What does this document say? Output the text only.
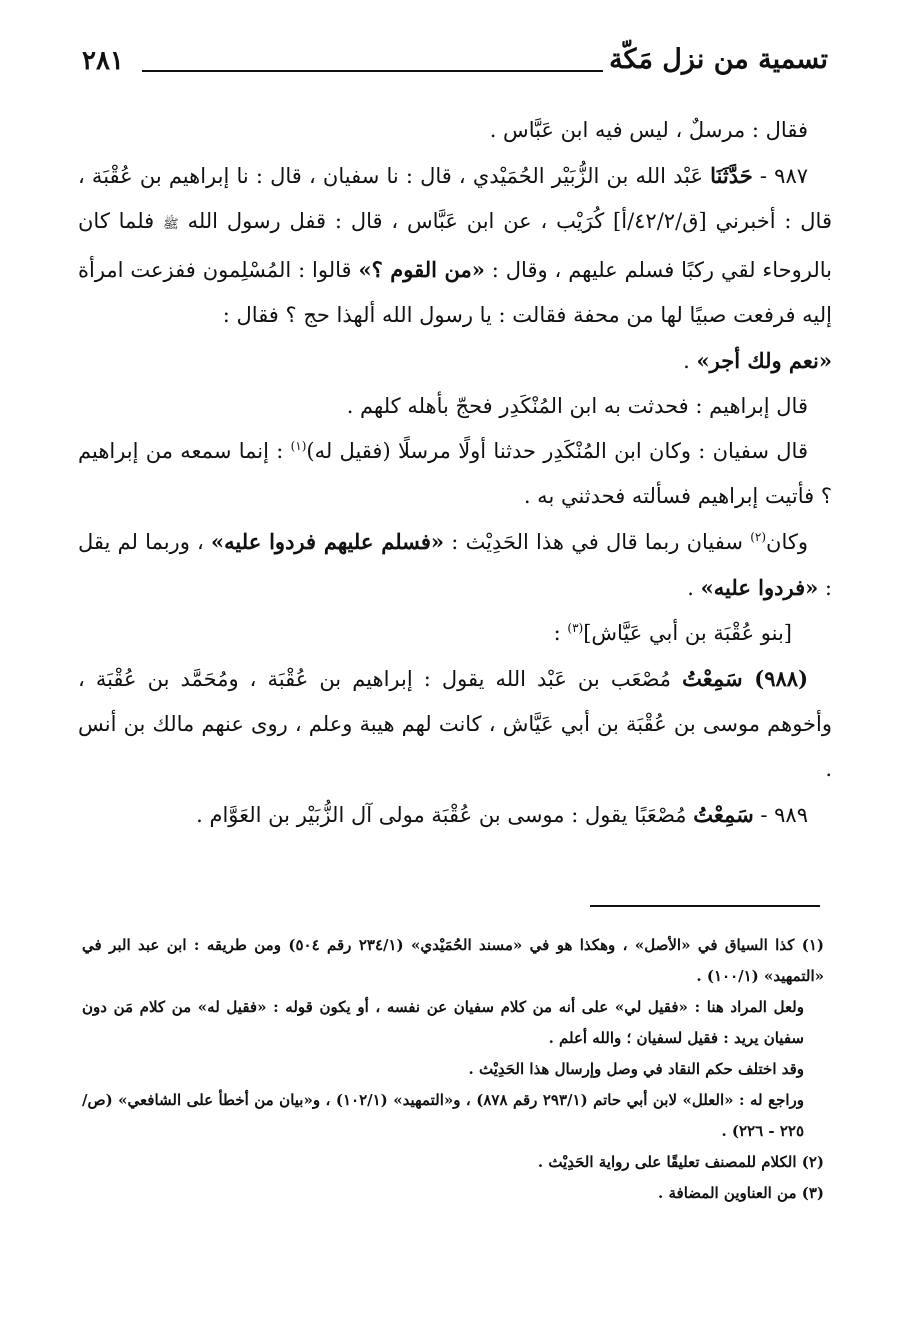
تسمية من نزل مَكّة
٢٨١

فقال : مرسلٌ ، ليس فيه ابن عَبَّاس .

٩٨٧ - حَدَّثَنَا عَبْد الله بن الزُّبَيْر الحُمَيْدي ، قال : نا سفيان ، قال : نا إبراهيم بن عُقْبَة ، قال : أخبرني [ق/٤٢/٢/أ] كُرَيْب ، عن ابن عَبَّاس ، قال : قفل رسول الله ﷺ فلما كان بالروحاء لقي ركبًا فسلم عليهم ، وقال : «من القوم ؟» قالوا : المُسْلِمون ففزعت امرأة إليه فرفعت صبيًا لها من محفة فقالت : يا رسول الله ألهذا حج ؟ فقال :
«نعم ولك أجر» .

قال إبراهيم : فحدثت به ابن المُنْكَدِر فحجّ بأهله كلهم .

قال سفيان : وكان ابن المُنْكَدِر حدثنا أولًا مرسلًا (فقيل له)$^{(١)}$ : إنما سمعه من إبراهيم ؟ فأتيت إبراهيم فسألته فحدثني به .

وكان$^{(٢)}$ سفيان ربما قال في هذا الحَدِيْث : «فسلم عليهم فردوا عليه» ، وربما لم يقل : «فردوا عليه» .

[بنو عُقْبَة بن أبي عَيَّاش]$^{(٣)}$ :

(٩٨٨) سَمِعْتُ مُصْعَب بن عَبْد الله يقول : إبراهيم بن عُقْبَة ، ومُحَمَّد بن عُقْبَة ، وأخوهم موسى بن عُقْبَة بن أبي عَيَّاش ، كانت لهم هيبة وعلم ، روى عنهم مالك بن أنس .

٩٨٩ - سَمِعْتُ مُصْعَبًا يقول : موسى بن عُقْبَة مولى آل الزُّبَيْر بن العَوَّام .

(١) كذا السياق في «الأصل» ، وهكذا هو في «مسند الحُمَيْدي» (٢٣٤/١ رقم ٥٠٤) ومن طريقه : ابن عبد البر في «التمهيد» (١٠٠/١) .

ولعل المراد هنا : «فقيل لي» على أنه من كلام سفيان عن نفسه ، أو يكون قوله : «فقيل له» من كلام مَن دون سفيان يريد : فقيل لسفيان ؛ والله أعلم .

وقد اختلف حكم النقاد في وصل وإرسال هذا الحَدِيْث .

وراجع له : «العلل» لابن أبي حاتم (٢٩٣/١ رقم ٨٧٨) ، و«التمهيد» (١٠٢/١) ، و«بيان من أخطأ على الشافعي» (ص/٢٢٥ - ٢٢٦) .

(٢) الكلام للمصنف تعليقًا على رواية الحَدِيْث .

(٣) من العناوين المضافة .
